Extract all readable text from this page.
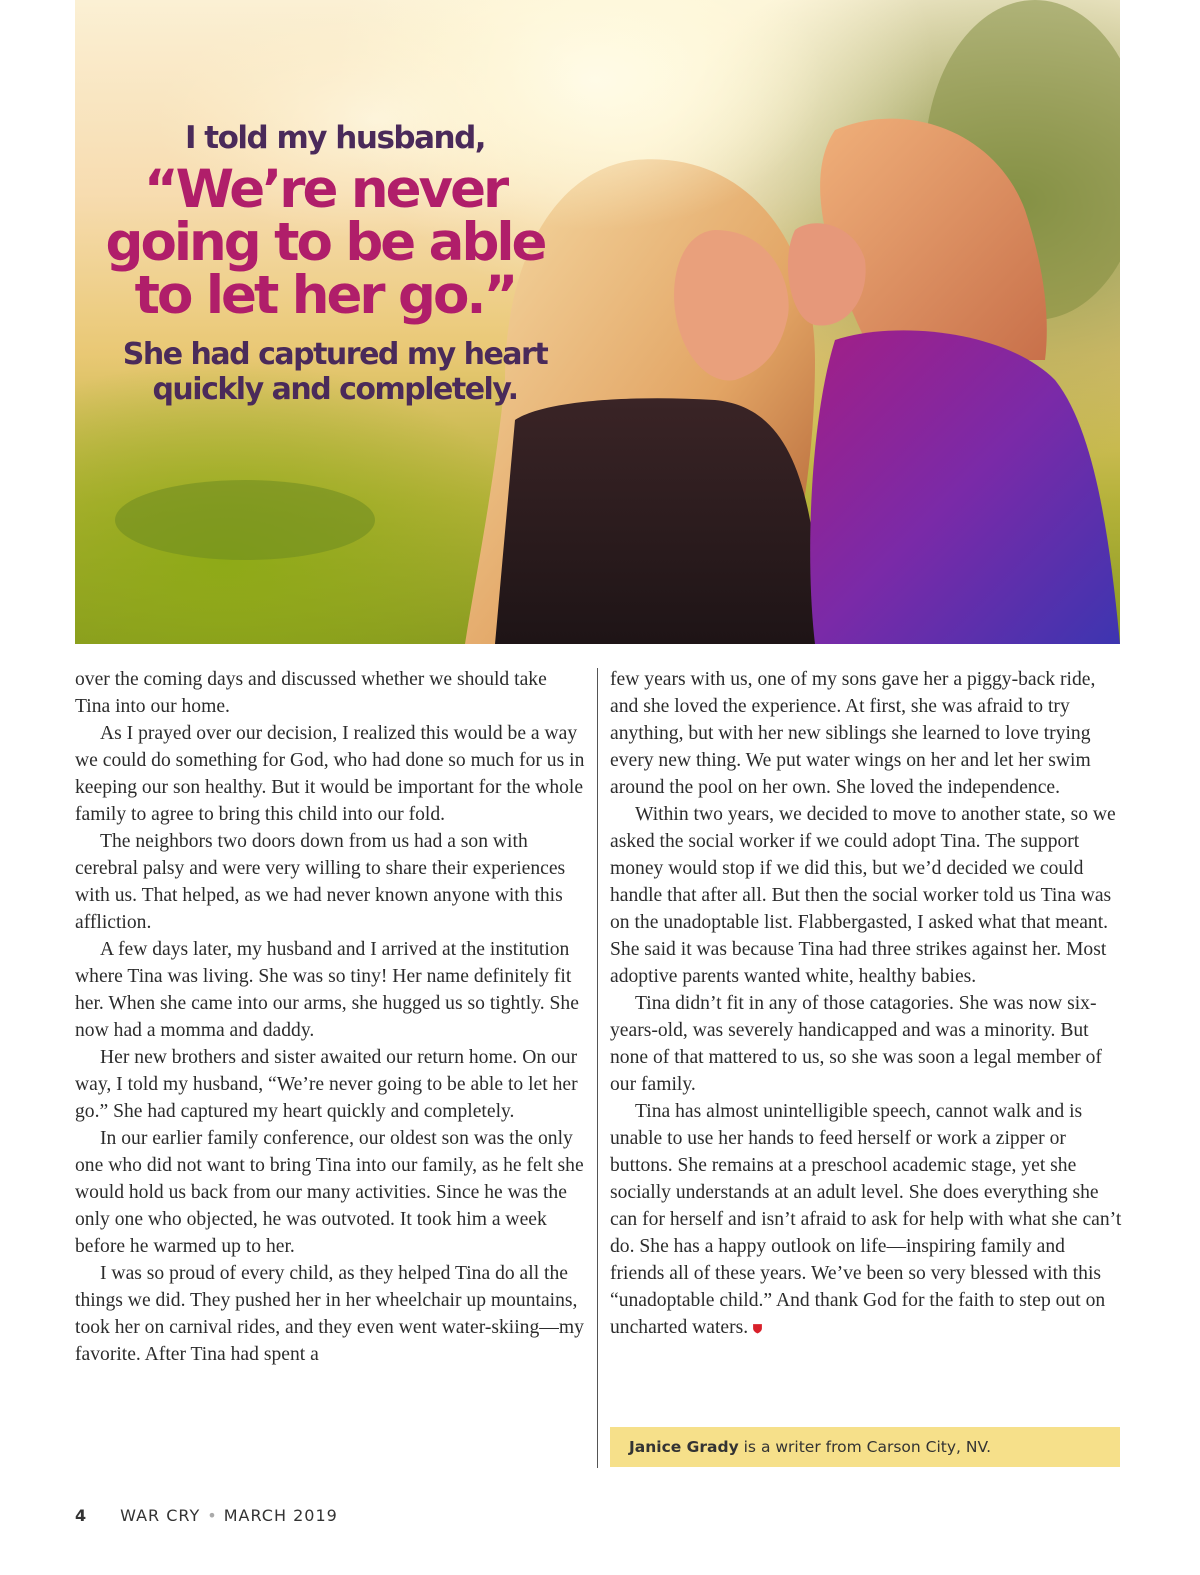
I told my husband,
“We’re never going to be able to let her go.”
She had captured my heart quickly and completely.

over the coming days and discussed whether we should take Tina into our home.

As I prayed over our decision, I realized this would be a way we could do something for God, who had done so much for us in keeping our son healthy. But it would be important for the whole family to agree to bring this child into our fold.

The neighbors two doors down from us had a son with cerebral palsy and were very willing to share their experiences with us. That helped, as we had never known anyone with this affliction.

A few days later, my husband and I arrived at the institution where Tina was living. She was so tiny! Her name definitely fit her. When she came into our arms, she hugged us so tightly. She now had a momma and daddy.

Her new brothers and sister awaited our return home. On our way, I told my husband, “We’re never going to be able to let her go.” She had captured my heart quickly and completely.

In our earlier family conference, our oldest son was the only one who did not want to bring Tina into our family, as he felt she would hold us back from our many activities. Since he was the only one who objected, he was outvoted. It took him a week before he warmed up to her.

I was so proud of every child, as they helped Tina do all the things we did. They pushed her in her wheelchair up mountains, took her on carnival rides, and they even went water-skiing—my favorite. After Tina had spent a

few years with us, one of my sons gave her a piggy-back ride, and she loved the experience. At first, she was afraid to try anything, but with her new siblings she learned to love trying every new thing. We put water wings on her and let her swim around the pool on her own. She loved the independence.

Within two years, we decided to move to another state, so we asked the social worker if we could adopt Tina. The support money would stop if we did this, but we’d decided we could handle that after all. But then the social worker told us Tina was on the unadoptable list. Flabbergasted, I asked what that meant. She said it was because Tina had three strikes against her. Most adoptive parents wanted white, healthy babies.

Tina didn’t fit in any of those catagories. She was now six-years-old, was severely handicapped and was a minority. But none of that mattered to us, so she was soon a legal member of our family.

Tina has almost unintelligible speech, cannot walk and is unable to use her hands to feed herself or work a zipper or buttons. She remains at a preschool academic stage, yet she socially understands at an adult level. She does everything she can for herself and isn’t afraid to ask for help with what she can’t do. She has a happy outlook on life—inspiring family and friends all of these years. We’ve been so very blessed with this “unadoptable child.” And thank God for the faith to step out on uncharted waters.

Janice Grady is a writer from Carson City, NV.
4 WAR CRY • MARCH 2019
